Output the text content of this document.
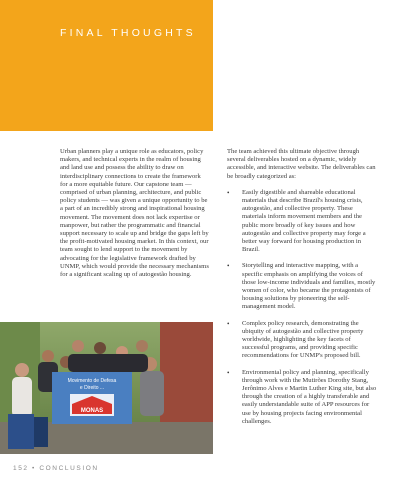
FINAL THOUGHTS

Urban planners play a unique role as educators, policy makers, and technical experts in the realm of housing and land use and possess the ability to draw on interdisciplinary connections to create the framework for a more equitable future. Our capstone team — comprised of urban planning, architecture, and public policy students — was given a unique opportunity to be a part of an incredibly strong and inspirational housing movement. The movement does not lack expertise or manpower, but rather the programmatic and financial support necessary to scale up and bridge the gaps left by the profit-motivated housing market. In this context, our team sought to lend support to the movement by advocating for the legislative framework drafted by UNMP, which would provide the necessary mechanisms for a significant scaling up of autogestão housing.

The team achieved this ultimate objective through several deliverables hosted on a dynamic, widely accessible, and interactive website. The deliverables can be broadly categorized as:

• Easily digestible and shareable educational materials that describe Brazil's housing crisis, autogestão, and collective property. These materials inform movement members and the public more broadly of key issues and how autogestão and collective property may forge a better way forward for housing production in Brazil.
• Storytelling and interactive mapping, with a specific emphasis on amplifying the voices of those low-income individuals and families, mostly women of color, who became the protagonists of housing solutions by pioneering the self-management model.
• Complex policy research, demonstrating the ubiquity of autogestão and collective property worldwide, highlighting the key facets of successful programs, and providing specific recommendations for UNMP's proposed bill.
• Environmental policy and planning, specifically through work with the Mutirões Dorothy Stang, Jerônimo Alves e Martin Luther King site, but also through the creation of a highly transferable and easily understandable suite of APP resources for use by housing projects facing environmental challenges.
Movimento de Defesa
e Direito ...
MONAS
152 • CONCLUSION
